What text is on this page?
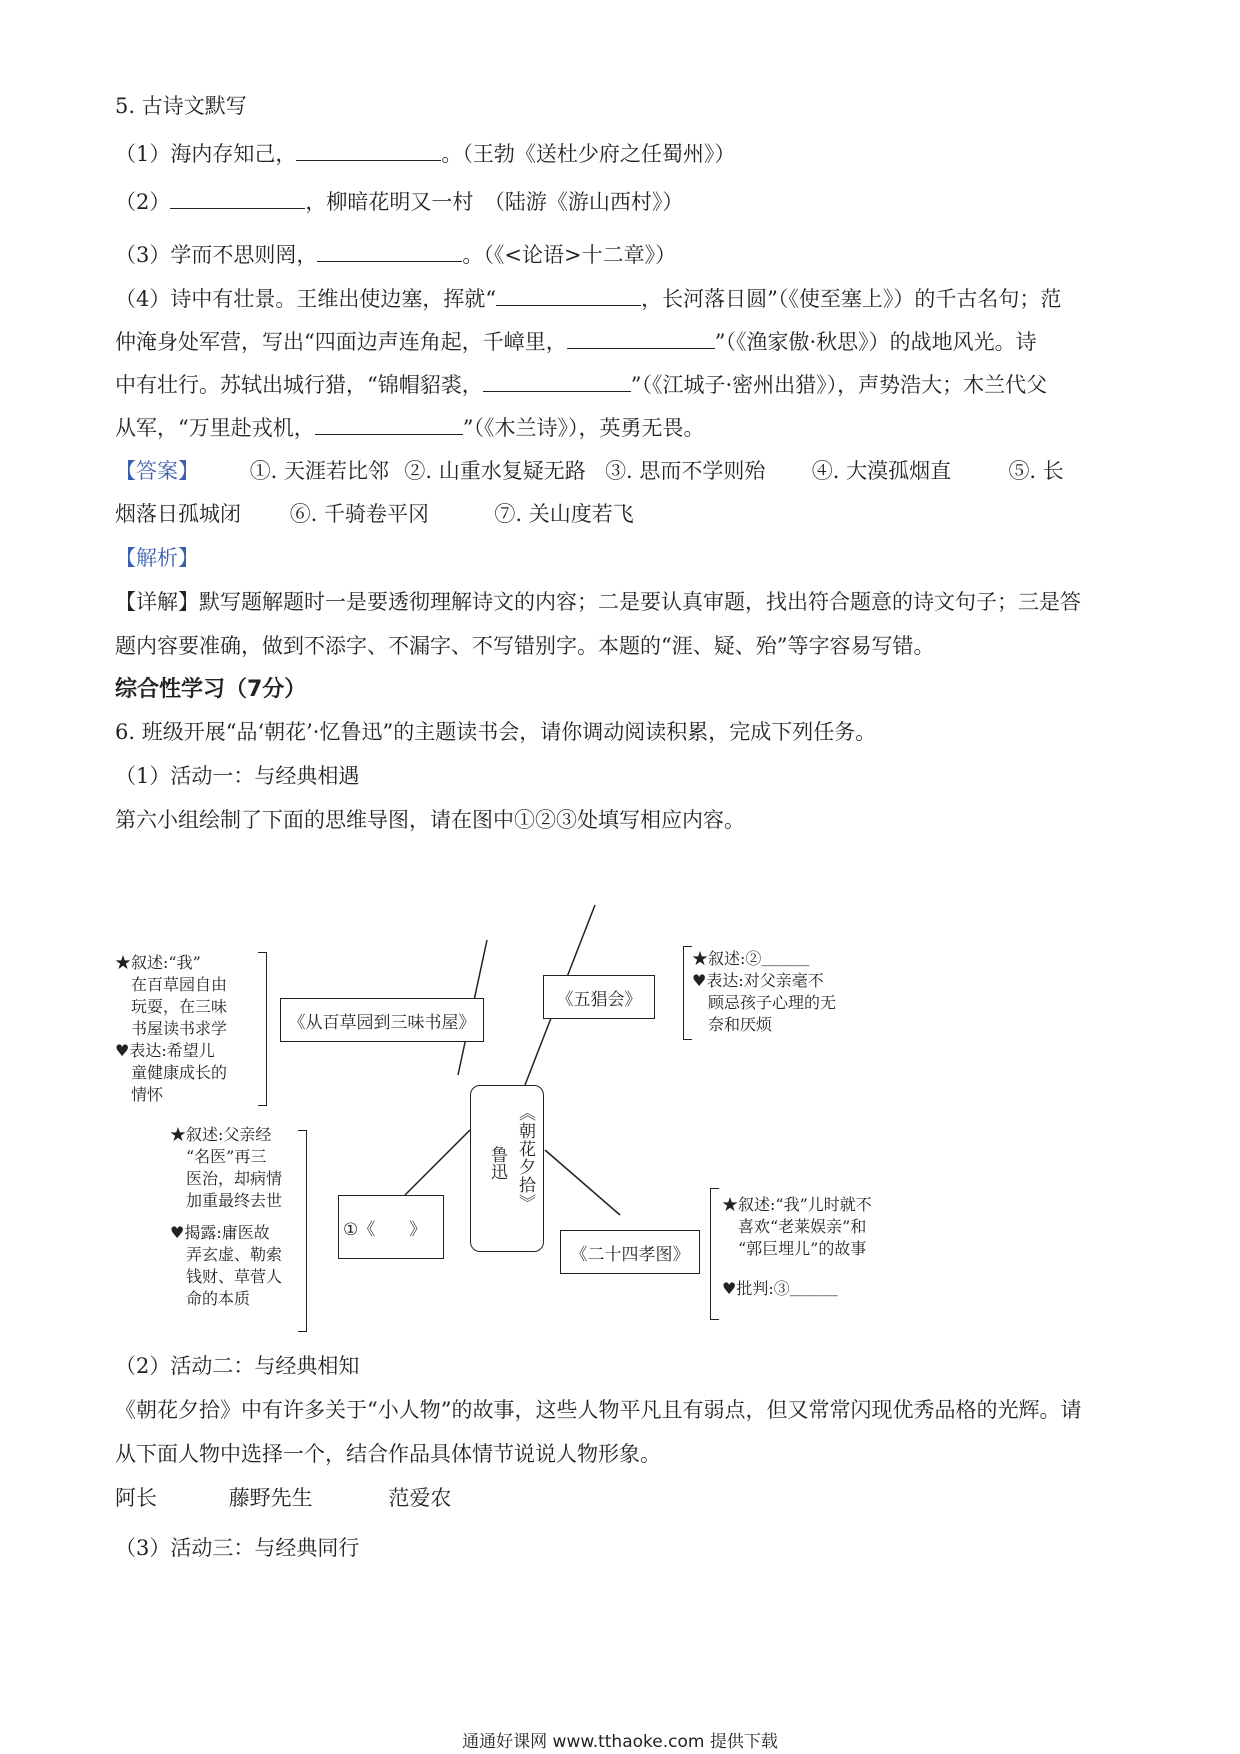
5. 古诗文默写
（1）海内存知己，	。（王勃《送杜少府之任蜀州》）
（2）	，柳暗花明又一村　（陆游《游山西村》）
（3）学而不思则罔，	。（《<论语>十二章》）
（4）诗中有壮景。王维出使边塞，挥就“	，长河落日圆”（《使至塞上》）的千古名句；范
仲淹身处军营，写出“四面边声连角起，千嶂里，	”（《渔家傲·秋思》）的战地风光。诗
中有壮行。苏轼出城行猎，“锦帽貂裘，	”（《江城子·密州出猎》），声势浩大；木兰代父
从军，“万里赴戎机，	”（《木兰诗》），英勇无畏。
【答案】 ①. 天涯若比邻 ②. 山重水复疑无路 ③. 思而不学则殆 ④. 大漠孤烟直	⑤. 长
烟落日孤城闭 ⑥. 千骑卷平冈	⑦. 关山度若飞
【解析】
【详解】默写题解题时一是要透彻理解诗文的内容；二是要认真审题，找出符合题意的诗文句子；三是答
题内容要准确，做到不添字、不漏字、不写错别字。本题的“涯、疑、殆”等字容易写错。
综合性学习（7分）
6. 班级开展“品‘朝花’·忆鲁迅”的主题读书会，请你调动阅读积累，完成下列任务。
（1）活动一：与经典相遇
第六小组绘制了下面的思维导图，请在图中①②③处填写相应内容。
《朝花夕拾》
鲁迅
★叙述:“我”
　在百草园自由
　玩耍，在三味
　书屋读书求学
♥表达:希望儿
　童健康成长的
　情怀
《从百草园到三味书屋》
《五猖会》
★叙述:②＿＿＿
♥表达:对父亲毫不
　顾忌孩子心理的无
　奈和厌烦
★叙述:父亲经
　“名医”再三
　医治，却病情
　加重最终去世
♥揭露:庸医故
　弄玄虚、勒索
　钱财、草菅人
　命的本质
①《　　》
《二十四孝图》
★叙述:“我”儿时就不
　喜欢“老莱娱亲”和
　“郭巨埋儿”的故事
♥批判:③＿＿＿
（2）活动二：与经典相知
《朝花夕拾》中有许多关于“小人物”的故事，这些人物平凡且有弱点，但又常常闪现优秀品格的光辉。请
从下面人物中选择一个，结合作品具体情节说说人物形象。
阿长	藤野先生	范爱农
（3）活动三：与经典同行
通通好课网 www.tthaoke.com 提供下载
